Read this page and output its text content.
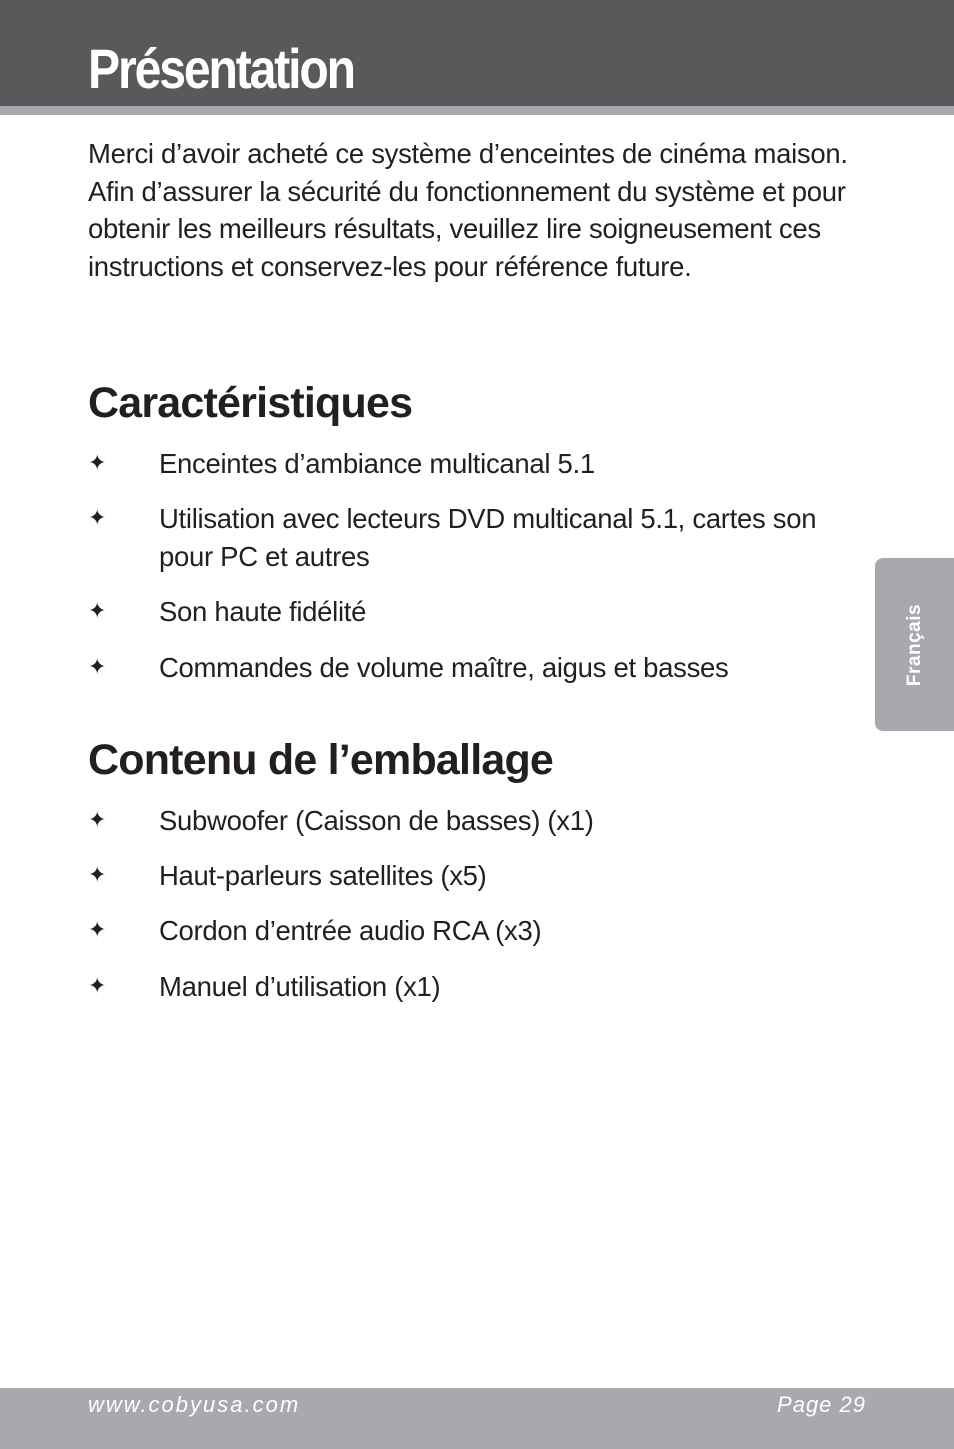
Présentation

Merci d’avoir acheté ce système d’enceintes de cinéma maison. Afin d’assurer la sécurité du fonctionnement du système et pour obtenir les meilleurs résultats, veuillez lire soigneusement ces instructions et conservez-les pour référence future.

Caractéristiques
✦ Enceintes d’ambiance multicanal 5.1
✦ Utilisation avec lecteurs DVD multicanal 5.1, cartes son pour PC et autres
✦ Son haute fidélité
✦ Commandes de volume maître, aigus et basses
Contenu de l’emballage
✦ Subwoofer (Caisson de basses) (x1)
✦ Haut-parleurs satellites (x5)
✦ Cordon d’entrée audio RCA (x3)
✦ Manuel d’utilisation (x1)
Français
www.cobyusa.com	Page 29
